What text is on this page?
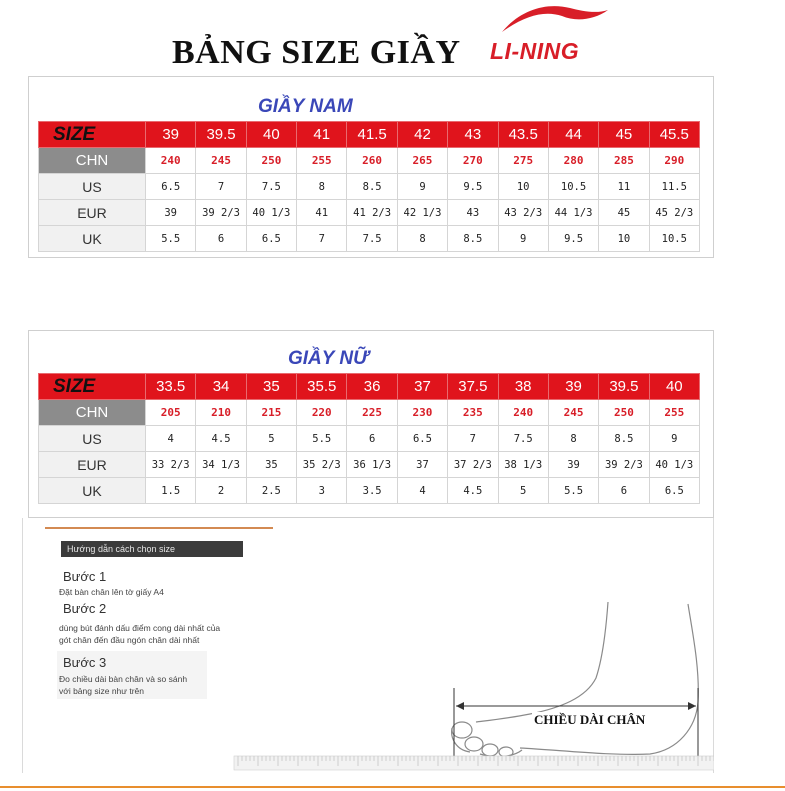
BẢNG SIZE GIẦY LI-NING
GIẦY NAM
SIZE	39	39.5	40	41	41.5	42	43	43.5	44	45	45.5
CHN	240	245	250	255	260	265	270	275	280	285	290
US	6.5	7	7.5	8	8.5	9	9.5	10	10.5	11	11.5
EUR	39	39 2/3	40 1/3	41	41 2/3	42 1/3	43	43 2/3	44 1/3	45	45 2/3
UK	5.5	6	6.5	7	7.5	8	8.5	9	9.5	10	10.5
GIẦY NỮ
SIZE	33.5	34	35	35.5	36	37	37.5	38	39	39.5	40
CHN	205	210	215	220	225	230	235	240	245	250	255
US	4	4.5	5	5.5	6	6.5	7	7.5	8	8.5	9
EUR	33 2/3	34 1/3	35	35 2/3	36 1/3	37	37 2/3	38 1/3	39	39 2/3	40 1/3
UK	1.5	2	2.5	3	3.5	4	4.5	5	5.5	6	6.5
Hướng dẫn cách chọn size
Bước 1
Đặt bàn chân lên tờ giấy A4
Bước 2
dùng bút đánh dấu điểm cong dài nhất của
gót chân đến đầu ngón chân dài nhất
Bước 3
Đo chiều dài bàn chân và so sánh
với bảng size như trên
CHIỀU DÀI CHÂN
